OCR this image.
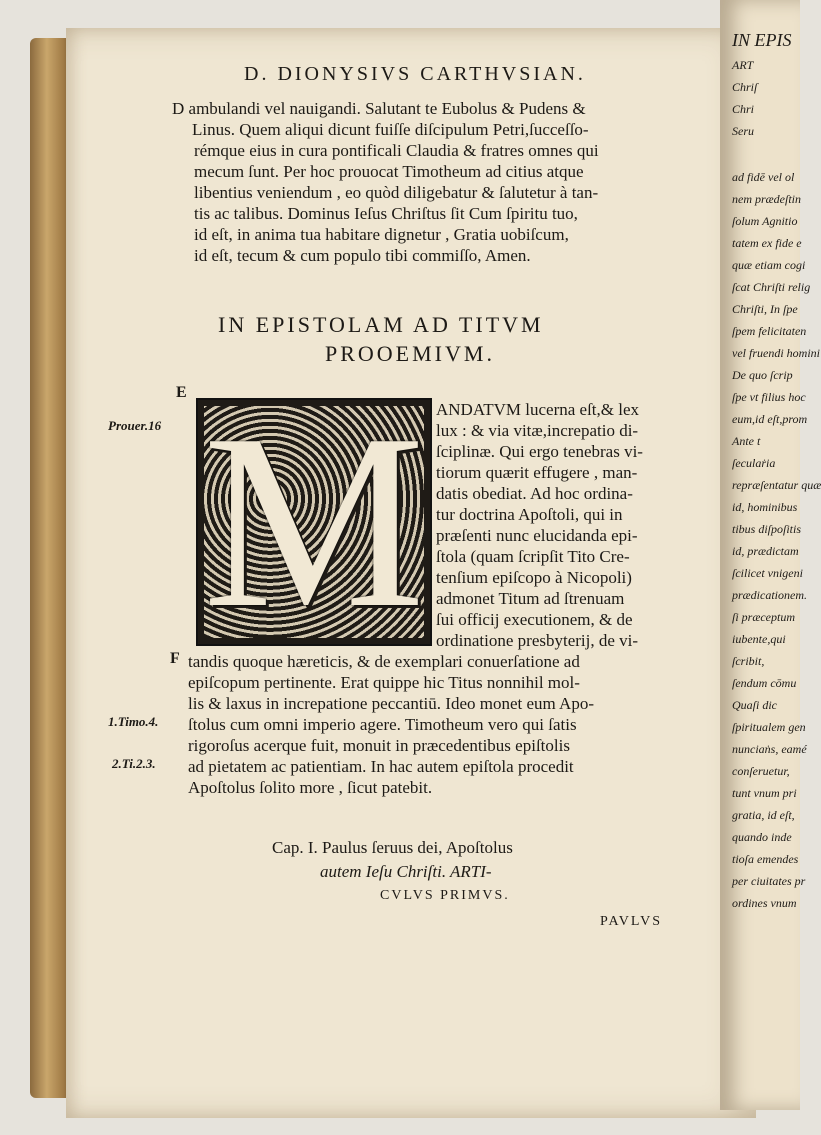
D. DIONYSIVS CARTHVSIAN.
D ambulandi vel nauigandi. Salutant te Eubolus & Pudens &
Linus. Quem aliqui dicunt fuiſſe diſcipulum Petri,ſucceſſo-
rémque eius in cura pontificali Claudia & fratres omnes qui
mecum ſunt. Per hoc prouocat Timotheum ad citius atque
libentius veniendum , eo quòd diligebatur & ſalutetur à tan-
tis ac talibus. Dominus Ieſus Chriſtus ſit Cum ſpiritu tuo,
id eſt, in anima tua habitare dignetur , Gratia uobiſcum,
id eſt, tecum & cum populo tibi commiſſo, Amen.
IN EPISTOLAM AD TITVM
PROOEMIVM.
E
Prouer.16 M ANDATVM lucerna eſt,& lex
lux : & via vitæ,increpatio di-
ſciplinæ. Qui ergo tenebras vi-
tiorum quærit effugere , man-
datis obediat. Ad hoc ordina-
tur doctrina Apoſtoli, qui in
præſenti nunc elucidanda epi-
ſtola (quam ſcripſit Tito Cre-
tenſium epiſcopo à Nicopoli)
admonet Titum ad ſtrenuam
ſui officij executionem, & de
ordinatione presbyterij, de vi-
F tandis quoque hæreticis, & de exemplari conuerſatione ad
epiſcopum pertinente. Erat quippe hic Titus nonnihil mol-
lis & laxus in increpatione peccantiū. Ideo monet eum Apo-
ſtolus cum omni imperio agere. Timotheum vero qui ſatis
rigoroſus acerque fuit, monuit in præcedentibus epiſtolis
ad pietatem ac patientiam. In hac autem epiſtola procedit
Apoſtolus ſolito more , ſicut patebit.
1.Timo.4.
2.Ti.2.3.
Cap. I. Paulus ſeruus dei, Apoſtolus
autem Ieſu Chriſti. ARTI-
CVLVS PRIMVS.
PAVLVS
IN EPIS
ART
Chriſ
Chri
Seru
ad fidē vel ol
nem prædeſtin
ſolum Agnitio
tatem ex fide e
quæ etiam cogi
ſcat Chriſti relig
Chriſti, In ſpe
ſpem felicitaten
vel fruendi homini
De quo ſcrip
ſpe vt filius hoc
eum,id eſt,prom
Ante t
ſeculaṙia
repræſentatur quæ
id, hominibus
tibus diſpoſitis
id, prædictam
ſcilicet vnigeni
prædicationem.
ſi præceptum
iubente,qui
ſcribit,
ſendum cōmu
Quaſi dic
ſpiritualem gen
nunciaṅs, eamé
conſeruetur,
tunt vnum pri
gratia, id eſt,
quando inde
tioſa emendes
per ciuitates pr
ordines vnum
